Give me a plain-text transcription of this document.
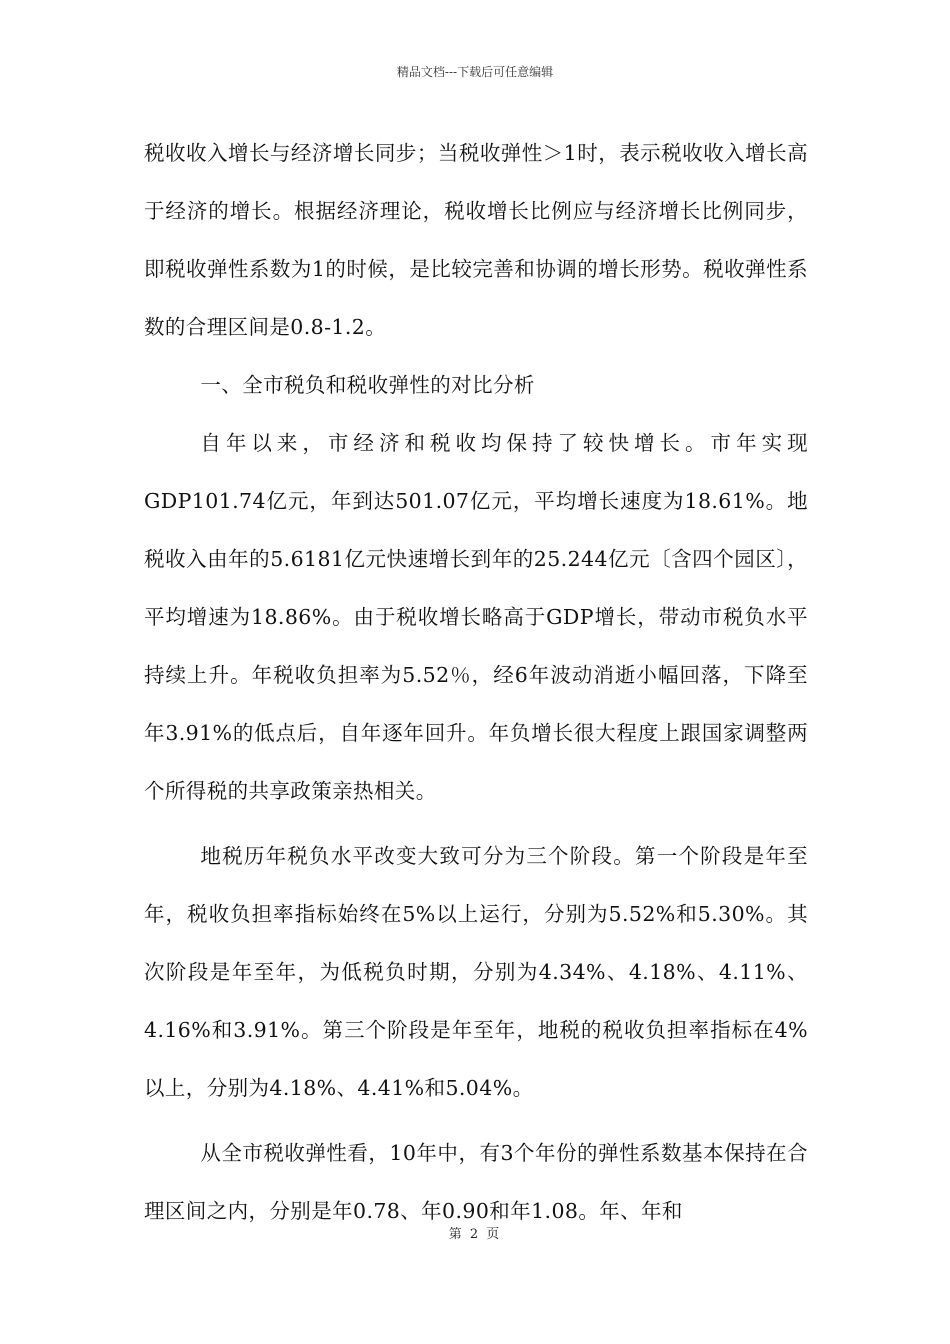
精品文档---下载后可任意编辑

税收收入增长与经济增长同步；当税收弹性＞1时，表示税收收入增长高于经济的增长。根据经济理论，税收增长比例应与经济增长比例同步，即税收弹性系数为1的时候，是比较完善和协调的增长形势。税收弹性系数的合理区间是0.8-1.2。

一、全市税负和税收弹性的对比分析

自年以来，市经济和税收均保持了较快增长。市年实现GDP101.74亿元，年到达501.07亿元，平均增长速度为18.61%。地税收入由年的5.6181亿元快速增长到年的25.244亿元〔含四个园区〕，平均增速为18.86%。由于税收增长略高于GDP增长，带动市税负水平持续上升。年税收负担率为5.52％，经6年波动消逝小幅回落，下降至年3.91%的低点后，自年逐年回升。年负增长很大程度上跟国家调整两个所得税的共享政策亲热相关。

地税历年税负水平改变大致可分为三个阶段。第一个阶段是年至年，税收负担率指标始终在5%以上运行，分别为5.52%和5.30%。其次阶段是年至年，为低税负时期，分别为4.34%、4.18%、4.11%、4.16%和3.91%。第三个阶段是年至年，地税的税收负担率指标在4%以上，分别为4.18%、4.41%和5.04%。

从全市税收弹性看，10年中，有3个年份的弹性系数基本保持在合理区间之内，分别是年0.78、年0.90和年1.08。年、年和

第 2 页
